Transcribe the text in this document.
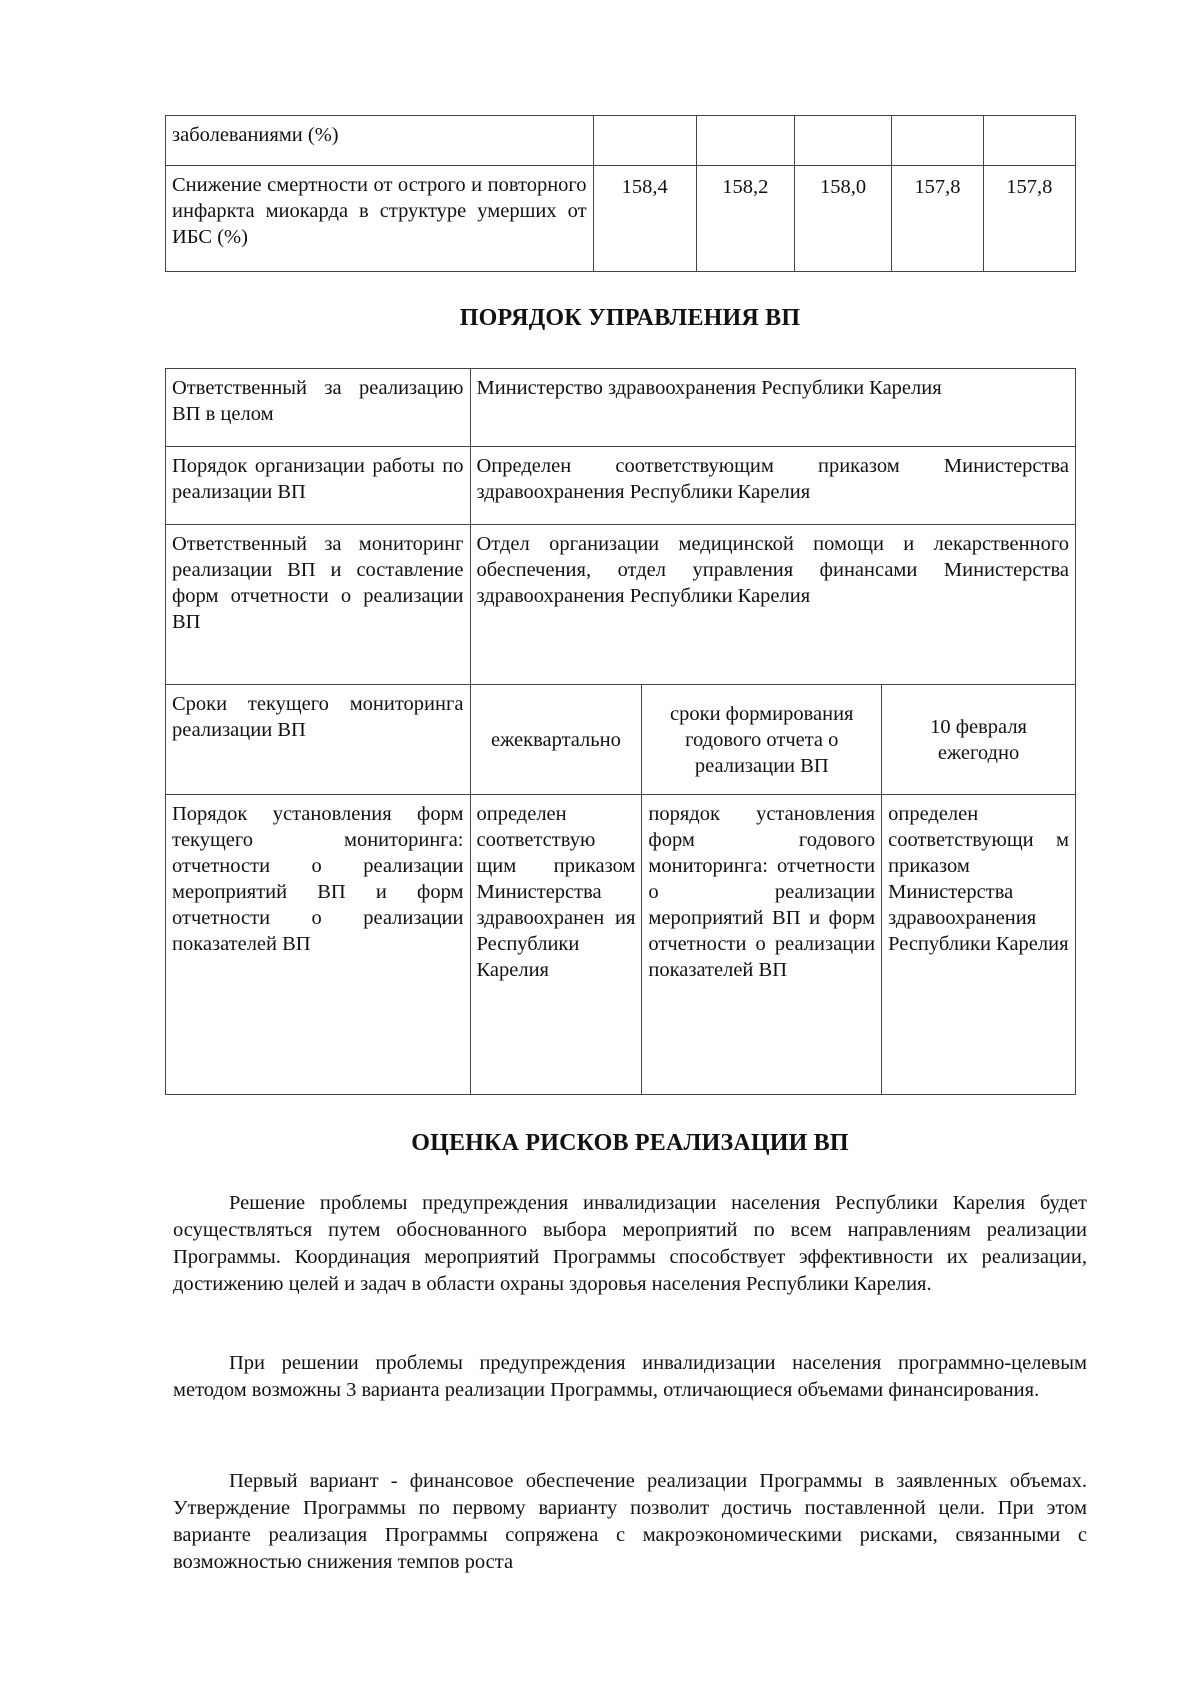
заболеваниями (%)					
Снижение смертности от острого и повторного инфаркта миокарда в структуре умерших от ИБС (%)	158,4	158,2	158,0	157,8	157,8
ПОРЯДОК УПРАВЛЕНИЯ ВП
Ответственный за реализацию ВП в целом	Министерство здравоохранения Республики Карелия		
Порядок организации работы по реализации ВП	Определен соответствующим приказом Министерства здравоохранения Республики Карелия		
Ответственный за мониторинг реализации ВП и составление форм отчетности о реализации ВП	Отдел организации медицинской помощи и лекарственного обеспечения, отдел управления финансами Министерства здравоохранения Республики Карелия		
Сроки текущего мониторинга реализации ВП	ежеквартально	сроки формирования годового отчета о реализации ВП	10 февраля ежегодно
Порядок установления форм текущего мониторинга: отчетности о реализации мероприятий ВП и форм отчетности о реализации показателей ВП	определен соответствую щим приказом Министерства здравоохранен ия Республики Карелия	порядок установления форм годового мониторинга: отчетности о реализации мероприятий ВП и форм отчетности о реализации показателей ВП	определен соответствующи м приказом Министерства здравоохранения Республики Карелия
ОЦЕНКА РИСКОВ РЕАЛИЗАЦИИ ВП

Решение проблемы предупреждения инвалидизации населения Республики Карелия будет осуществляться путем обоснованного выбора мероприятий по всем направлениям реализации Программы. Координация мероприятий Программы способствует эффективности их реализации, достижению целей и задач в области охраны здоровья населения Республики Карелия.

При решении проблемы предупреждения инвалидизации населения программно-целевым методом возможны 3 варианта реализации Программы, отличающиеся объемами финансирования.

Первый вариант - финансовое обеспечение реализации Программы в заявленных объемах. Утверждение Программы по первому варианту позволит достичь поставленной цели. При этом варианте реализация Программы сопряжена с макроэкономическими рисками, связанными с возможностью снижения темпов роста
